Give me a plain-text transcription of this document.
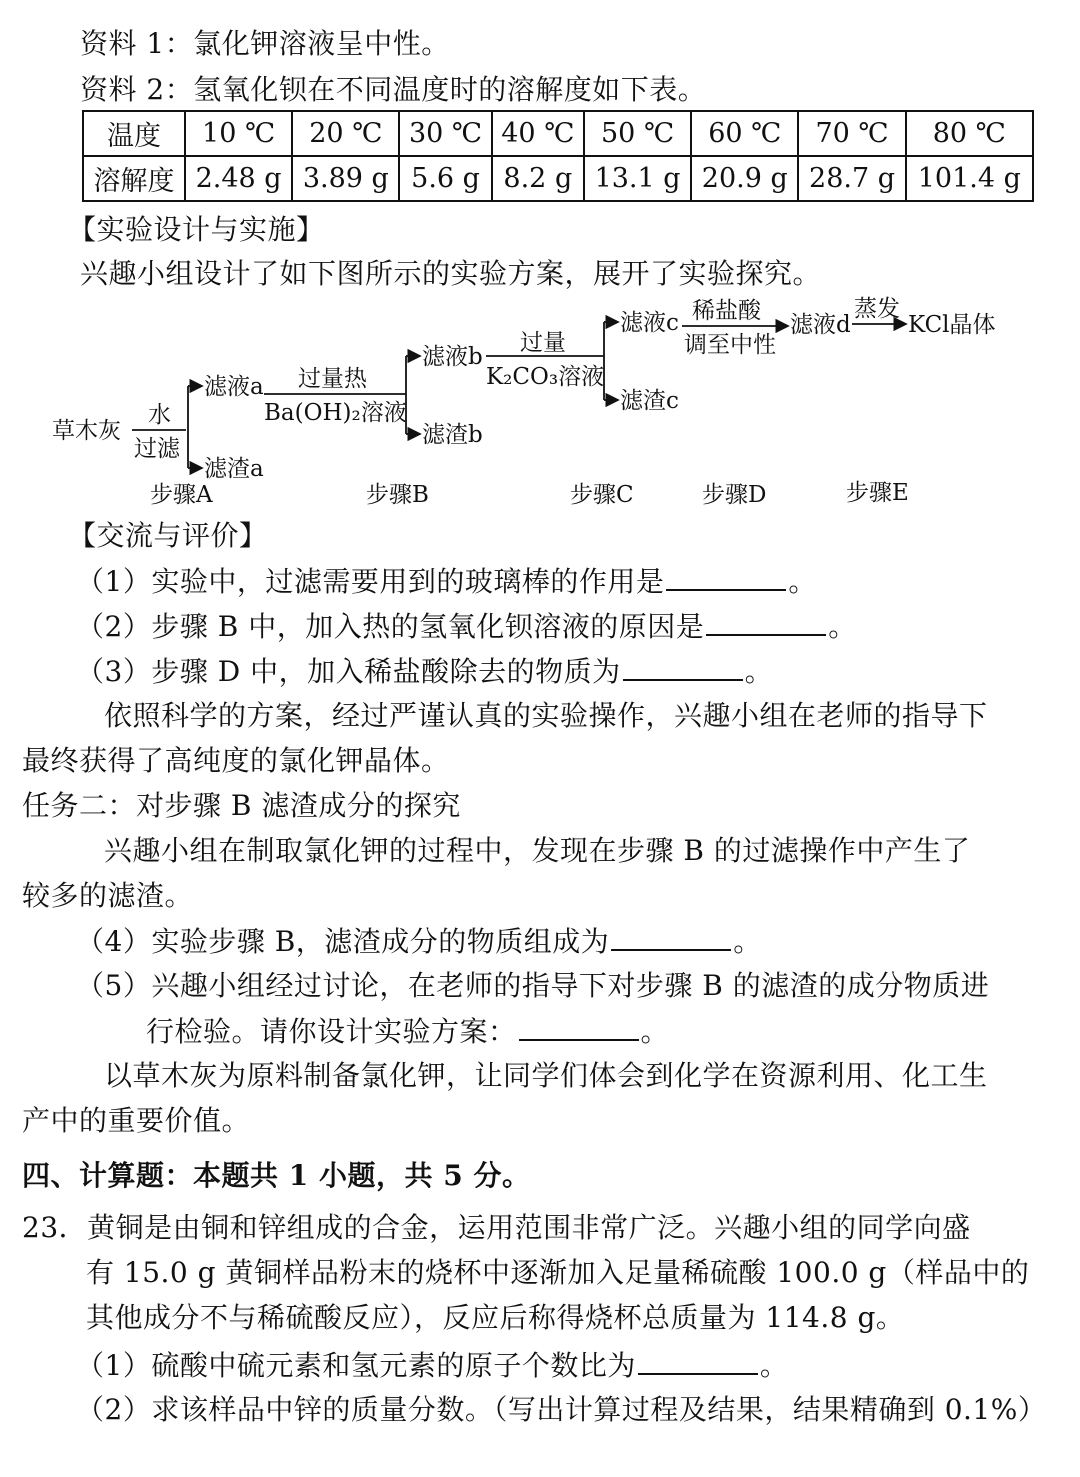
资料 1：氯化钾溶液呈中性。
资料 2：氢氧化钡在不同温度时的溶解度如下表。
温度	10 ℃	20 ℃	30 ℃	40 ℃	50 ℃	60 ℃	70 ℃	80 ℃
溶解度	2.48 g	3.89 g	5.6 g	8.2 g	13.1 g	20.9 g	28.7 g	101.4 g
【实验设计与实施】
兴趣小组设计了如下图所示的实验方案，展开了实验探究。
草木灰
水
过滤
滤液a
滤渣a
过量热
Ba(OH)₂溶液
滤液b
滤渣b
过量
K₂CO₃溶液
滤液c
滤渣c
稀盐酸
调至中性
滤液d
蒸发
KCl晶体
步骤A	步骤B	步骤C	步骤D	步骤E
【交流与评价】
（1）实验中，过滤需要用到的玻璃棒的作用是	。
（2）步骤 B 中，加入热的氢氧化钡溶液的原因是	。
（3）步骤 D 中，加入稀盐酸除去的物质为	。
依照科学的方案，经过严谨认真的实验操作，兴趣小组在老师的指导下
最终获得了高纯度的氯化钾晶体。
任务二：对步骤 B 滤渣成分的探究
兴趣小组在制取氯化钾的过程中，发现在步骤 B 的过滤操作中产生了
较多的滤渣。
（4）实验步骤 B，滤渣成分的物质组成为	。
（5）兴趣小组经过讨论，在老师的指导下对步骤 B 的滤渣的成分物质进
行检验。请你设计实验方案：	。
以草木灰为原料制备氯化钾，让同学们体会到化学在资源利用、化工生
产中的重要价值。
四、计算题：本题共 1 小题，共 5 分。
23．黄铜是由铜和锌组成的合金，运用范围非常广泛。兴趣小组的同学向盛
有 15.0 g 黄铜样品粉末的烧杯中逐渐加入足量稀硫酸 100.0 g（样品中的
其他成分不与稀硫酸反应），反应后称得烧杯总质量为 114.8 g。
（1）硫酸中硫元素和氢元素的原子个数比为	。
（2）求该样品中锌的质量分数。（写出计算过程及结果，结果精确到 0.1%）
